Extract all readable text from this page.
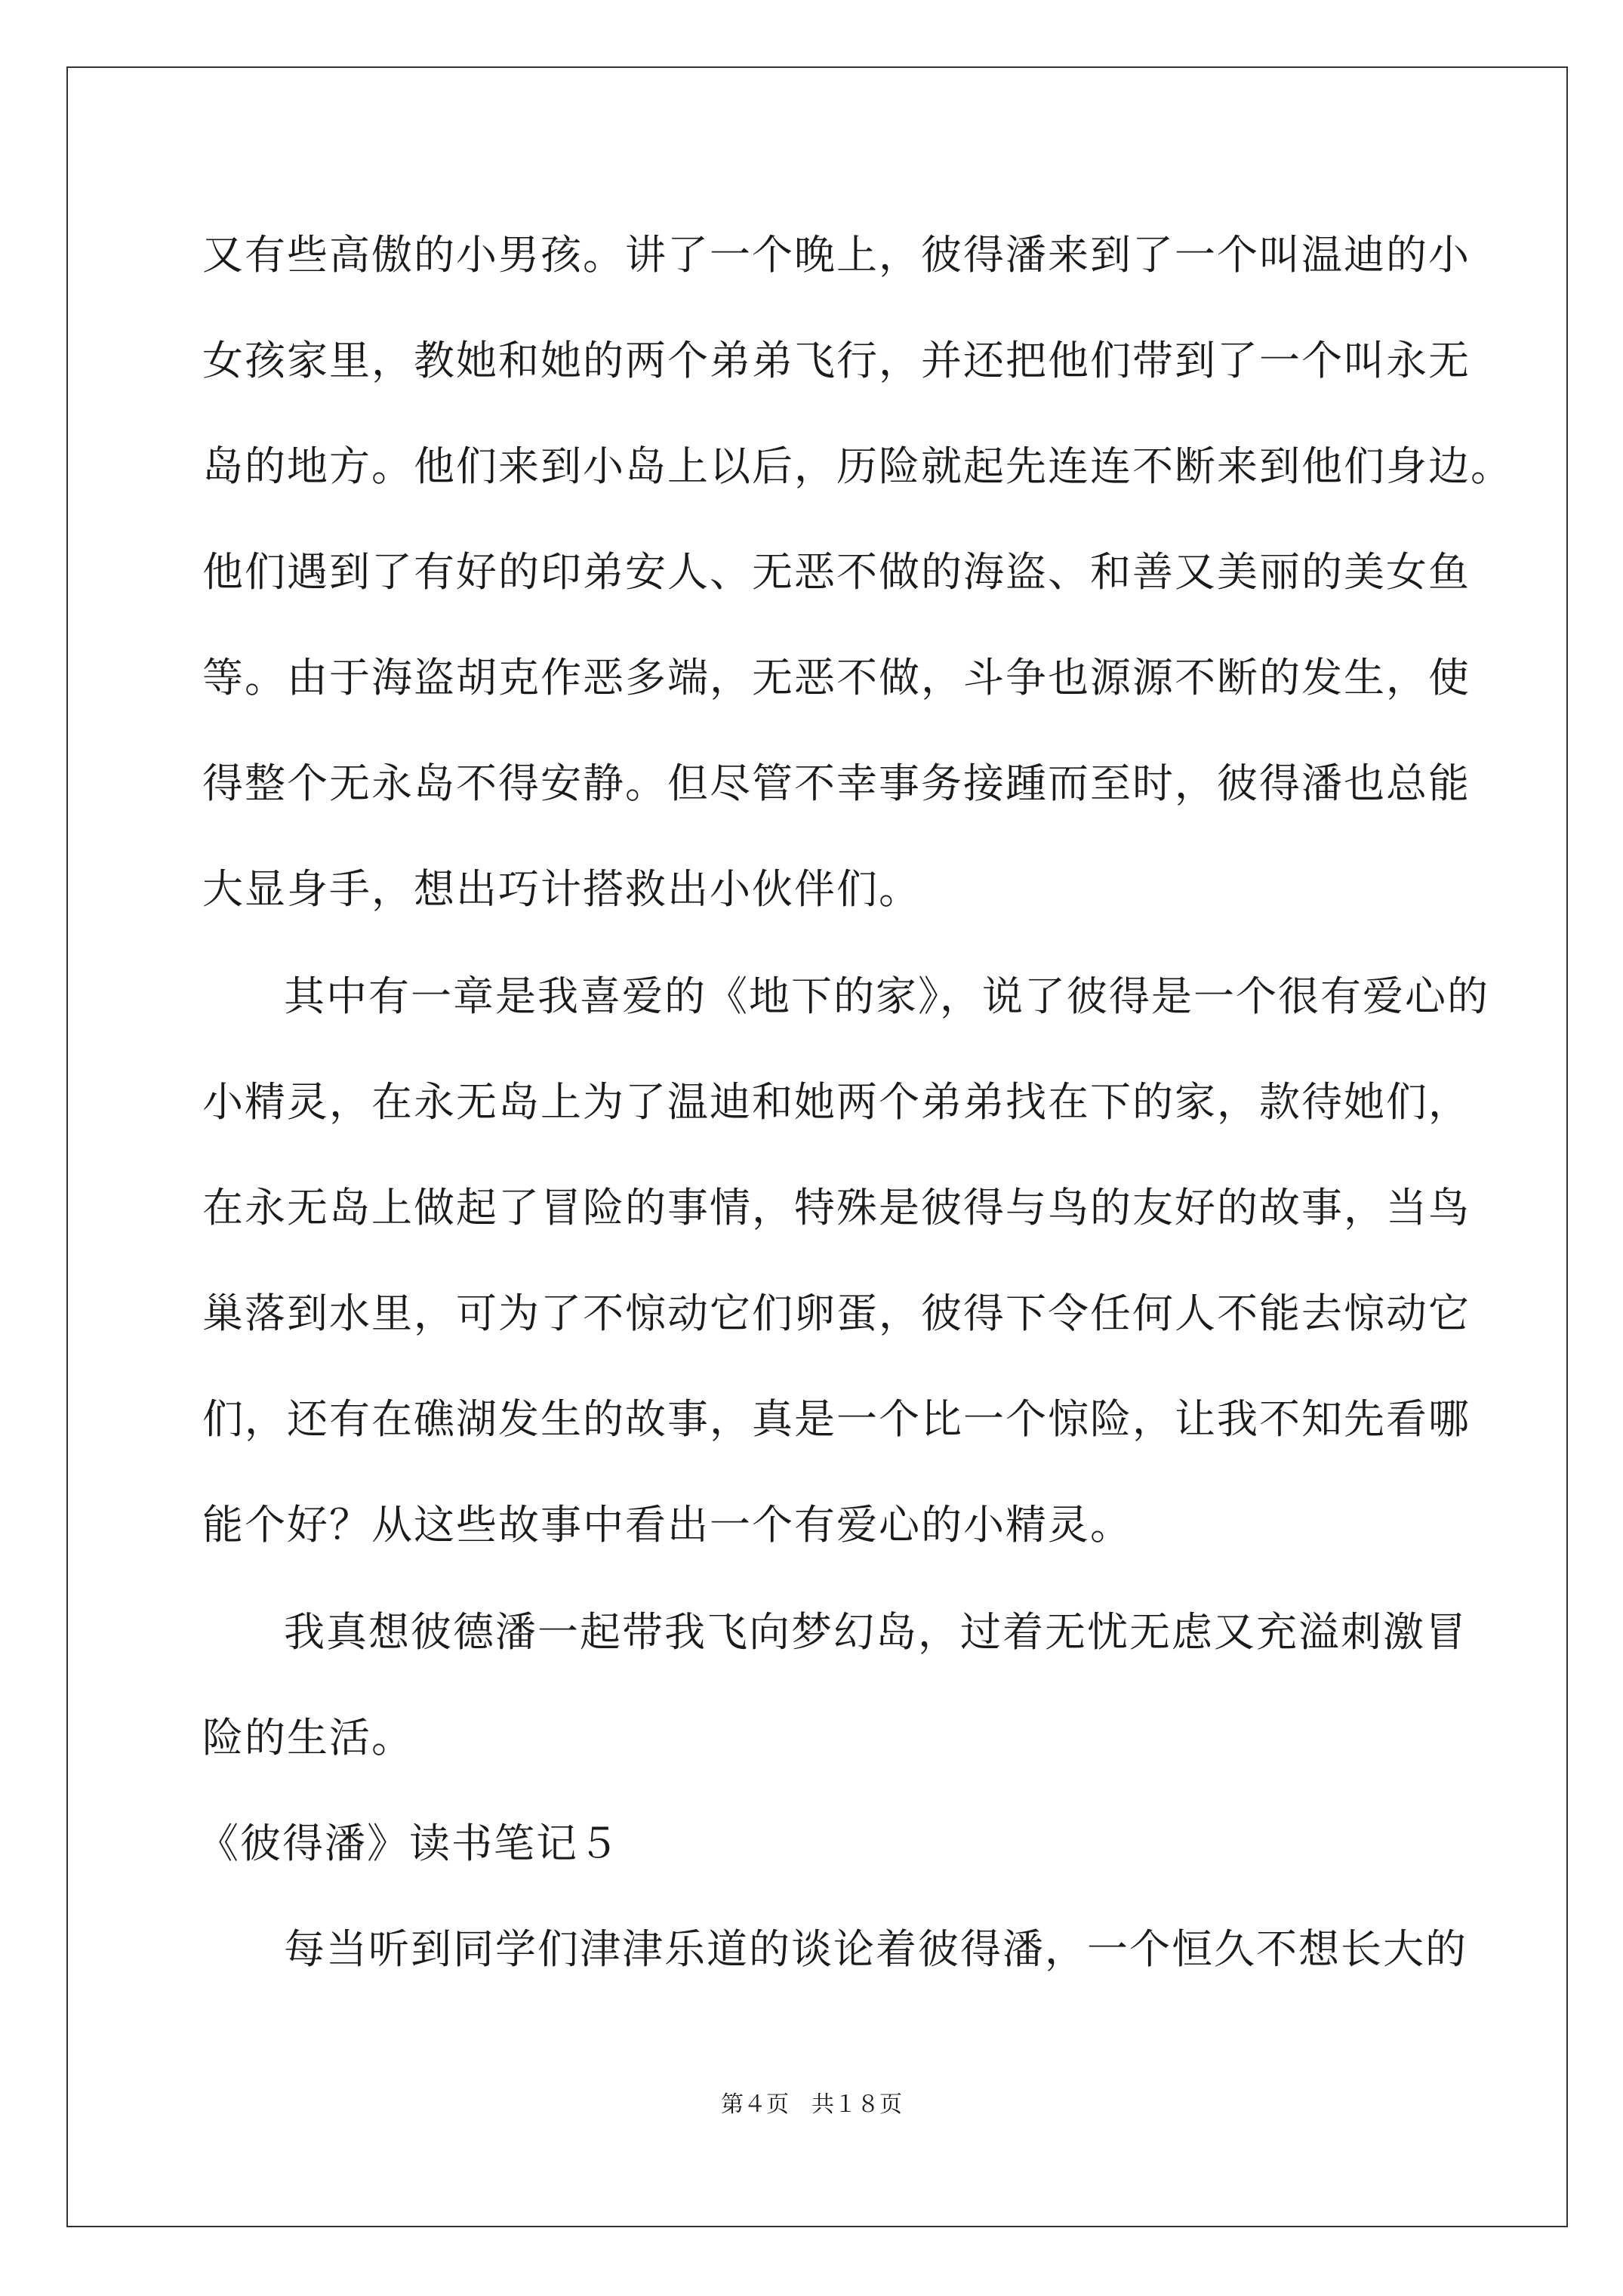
又有些高傲的小男孩。讲了一个晚上，彼得潘来到了一个叫温迪的小
女孩家里，教她和她的两个弟弟飞行，并还把他们带到了一个叫永无
岛的地方。他们来到小岛上以后，历险就起先连连不断来到他们身边。
他们遇到了有好的印弟安人、无恶不做的海盗、和善又美丽的美女鱼
等。由于海盗胡克作恶多端，无恶不做，斗争也源源不断的发生，使
得整个无永岛不得安静。但尽管不幸事务接踵而至时，彼得潘也总能
大显身手，想出巧计搭救出小伙伴们。
其中有一章是我喜爱的《地下的家》，说了彼得是一个很有爱心的
小精灵，在永无岛上为了温迪和她两个弟弟找在下的家，款待她们，
在永无岛上做起了冒险的事情，特殊是彼得与鸟的友好的故事，当鸟
巢落到水里，可为了不惊动它们卵蛋，彼得下令任何人不能去惊动它
们，还有在礁湖发生的故事，真是一个比一个惊险，让我不知先看哪
能个好？从这些故事中看出一个有爱心的小精灵。
我真想彼德潘一起带我飞向梦幻岛，过着无忧无虑又充溢刺激冒
险的生活。
《彼得潘》读书笔记５
每当听到同学们津津乐道的谈论着彼得潘，一个恒久不想长大的
第４页　共１８页
